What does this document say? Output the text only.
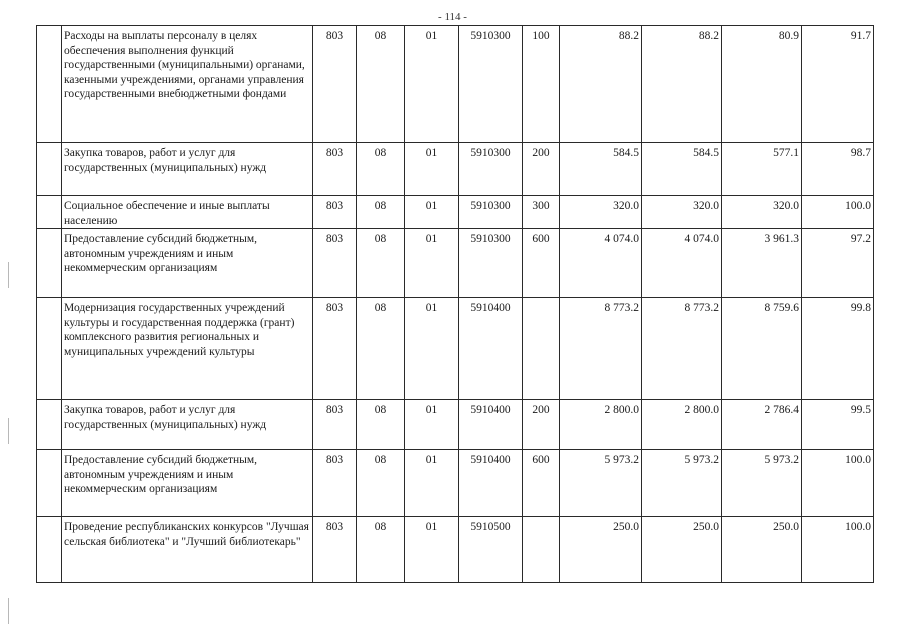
- 114 -
	Расходы на выплаты персоналу в целях обеспечения выполнения функций государственными (муниципальными) органами, казенными учреждениями, органами управления государственными внебюджетными фондами	803	08	01	5910300	100	88.2	88.2	80.9	91.7
	Закупка товаров, работ и услуг для государственных (муниципальных) нужд	803	08	01	5910300	200	584.5	584.5	577.1	98.7
	Социальное обеспечение и иные выплаты населению	803	08	01	5910300	300	320.0	320.0	320.0	100.0
	Предоставление субсидий бюджетным, автономным учреждениям и иным некоммерческим организациям	803	08	01	5910300	600	4 074.0	4 074.0	3 961.3	97.2
	Модернизация государственных учреждений культуры и государственная поддержка (грант) комплексного развития региональных и муниципальных учреждений культуры	803	08	01	5910400		8 773.2	8 773.2	8 759.6	99.8
	Закупка товаров, работ и услуг для государственных (муниципальных) нужд	803	08	01	5910400	200	2 800.0	2 800.0	2 786.4	99.5
	Предоставление субсидий бюджетным, автономным учреждениям и иным некоммерческим организациям	803	08	01	5910400	600	5 973.2	5 973.2	5 973.2	100.0
	Проведение республиканских конкурсов "Лучшая сельская библиотека" и "Лучший библиотекарь"	803	08	01	5910500		250.0	250.0	250.0	100.0
